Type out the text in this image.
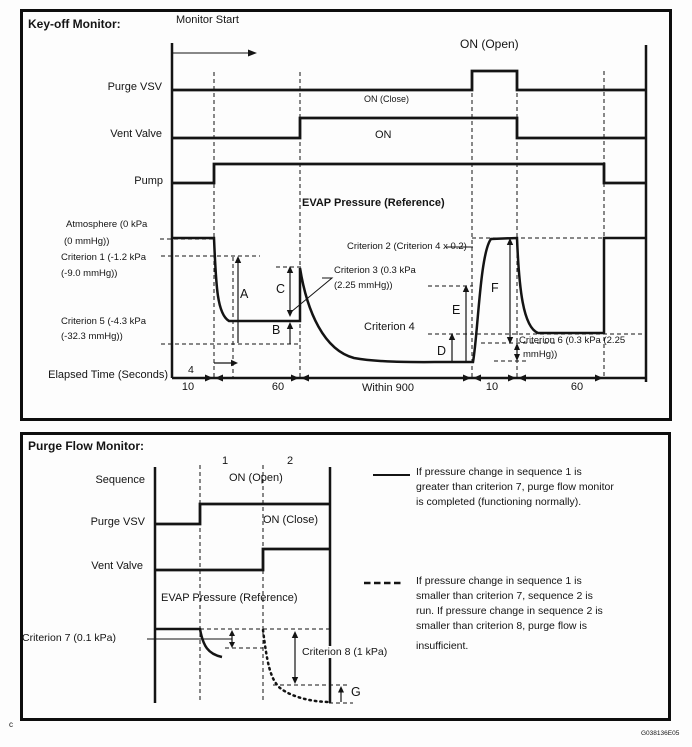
Key-off Monitor:	Monitor Start
Purge VSV
ON (Open)
ON (Close)
Vent Valve	ON
Pump
EVAP Pressure (Reference)
Atmosphere (0 kPa
(0 mmHg))
Criterion 1 (-1.2 kPa
(-9.0 mmHg))
Criterion 5 (-4.3 kPa
(-32.3 mmHg))
Criterion 2 (Criterion 4 x 0.2)
Criterion 3 (0.3 kPa
(2.25 mmHg))
Criterion 4
Criterion 6 (0.3 kPa (2.25
mmHg))
A
B
C
D
E
F
Elapsed Time (Seconds) 4
10	60	Within 900	10	60
Purge Flow Monitor:
Sequence
1	2
ON (Open)
Purge VSV	ON (Close)
Vent Valve
EVAP Pressure (Reference)
Criterion 7 (0.1 kPa)
Criterion 8 (1 kPa)
G
If pressure change in sequence 1 is
greater than criterion 7, purge flow monitor
is completed (functioning normally).
If pressure change in sequence 1 is
smaller than criterion 7, sequence 2 is
run. If pressure change in sequence 2 is
smaller than criterion 8, purge flow is
insufficient.
c
G038136E05
